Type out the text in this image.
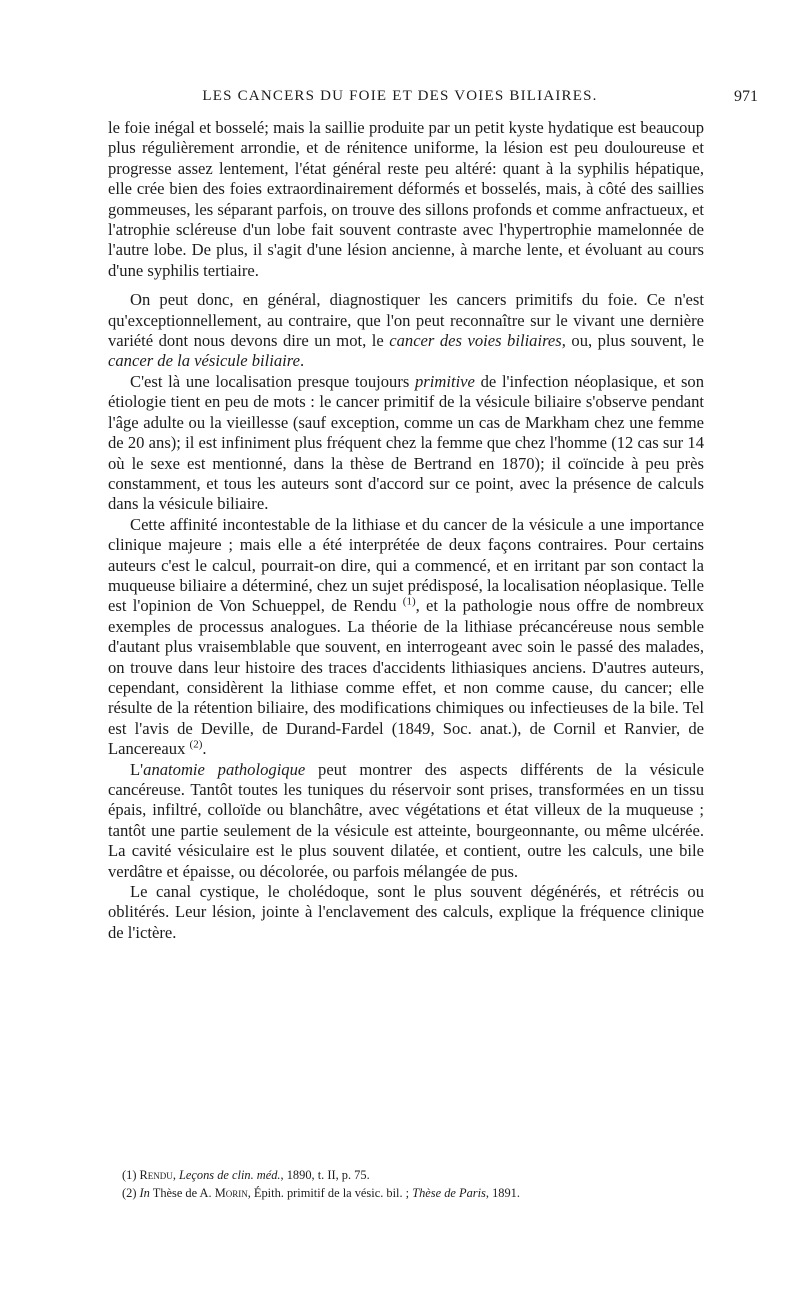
LES CANCERS DU FOIE ET DES VOIES BILIAIRES.	971

le foie inégal et bosselé; mais la saillie produite par un petit kyste hydatique est beaucoup plus régulièrement arrondie, et de rénitence uniforme, la lésion est peu douloureuse et progresse assez lentement, l'état général reste peu altéré: quant à la syphilis hépatique, elle crée bien des foies extraordinairement déformés et bosselés, mais, à côté des saillies gommeuses, les séparant parfois, on trouve des sillons profonds et comme anfractueux, et l'atrophie scléreuse d'un lobe fait souvent contraste avec l'hypertrophie mamelonnée de l'autre lobe. De plus, il s'agit d'une lésion ancienne, à marche lente, et évoluant au cours d'une syphilis tertiaire.

On peut donc, en général, diagnostiquer les cancers primitifs du foie. Ce n'est qu'exceptionnellement, au contraire, que l'on peut reconnaître sur le vivant une dernière variété dont nous devons dire un mot, le cancer des voies biliaires, ou, plus souvent, le cancer de la vésicule biliaire.

C'est là une localisation presque toujours primitive de l'infection néoplasique, et son étiologie tient en peu de mots : le cancer primitif de la vésicule biliaire s'observe pendant l'âge adulte ou la vieillesse (sauf exception, comme un cas de Markham chez une femme de 20 ans); il est infiniment plus fréquent chez la femme que chez l'homme (12 cas sur 14 où le sexe est mentionné, dans la thèse de Bertrand en 1870); il coïncide à peu près constamment, et tous les auteurs sont d'accord sur ce point, avec la présence de calculs dans la vésicule biliaire.

Cette affinité incontestable de la lithiase et du cancer de la vésicule a une importance clinique majeure ; mais elle a été interprétée de deux façons contraires. Pour certains auteurs c'est le calcul, pourrait-on dire, qui a commencé, et en irritant par son contact la muqueuse biliaire a déterminé, chez un sujet prédisposé, la localisation néoplasique. Telle est l'opinion de Von Schueppel, de Rendu $^{(1)}$, et la pathologie nous offre de nombreux exemples de processus analogues. La théorie de la lithiase précancéreuse nous semble d'autant plus vraisemblable que souvent, en interrogeant avec soin le passé des malades, on trouve dans leur histoire des traces d'accidents lithiasiques anciens. D'autres auteurs, cependant, considèrent la lithiase comme effet, et non comme cause, du cancer; elle résulte de la rétention biliaire, des modifications chimiques ou infectieuses de la bile. Tel est l'avis de Deville, de Durand-Fardel (1849, Soc. anat.), de Cornil et Ranvier, de Lancereaux $^{(2)}$.

L'anatomie pathologique peut montrer des aspects différents de la vésicule cancéreuse. Tantôt toutes les tuniques du réservoir sont prises, transformées en un tissu épais, infiltré, colloïde ou blanchâtre, avec végétations et état villeux de la muqueuse ; tantôt une partie seulement de la vésicule est atteinte, bourgeonnante, ou même ulcérée. La cavité vésiculaire est le plus souvent dilatée, et contient, outre les calculs, une bile verdâtre et épaisse, ou décolorée, ou parfois mélangée de pus.

Le canal cystique, le cholédoque, sont le plus souvent dégénérés, et rétrécis ou oblitérés. Leur lésion, jointe à l'enclavement des calculs, explique la fréquence clinique de l'ictère.

(1) Rendu, Leçons de clin. méd., 1890, t. II, p. 75.
(2) In Thèse de A. Morin, Épith. primitif de la vésic. bil. ; Thèse de Paris, 1891.
